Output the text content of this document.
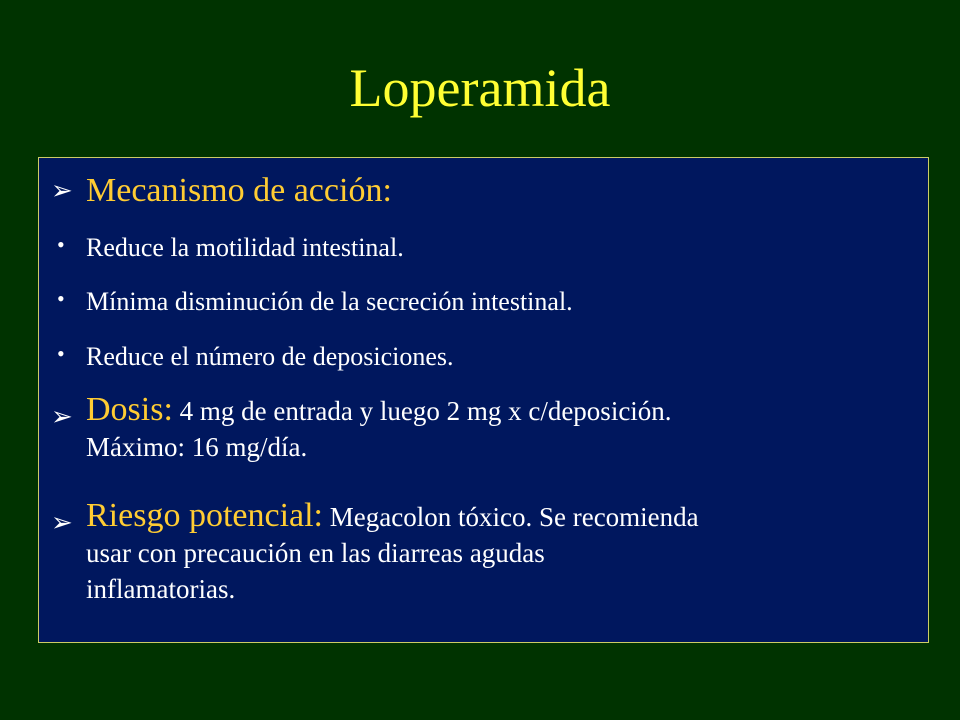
Loperamida
➢ Mecanismo de acción:
• Reduce la motilidad intestinal.
• Mínima disminución de la secreción intestinal.
• Reduce el número de deposiciones.
➢ Dosis: 4 mg de entrada y luego 2 mg x c/deposición.
Máximo: 16 mg/día.
➢ Riesgo potencial: Megacolon tóxico. Se recomienda
usar con precaución en las diarreas agudas
inflamatorias.
